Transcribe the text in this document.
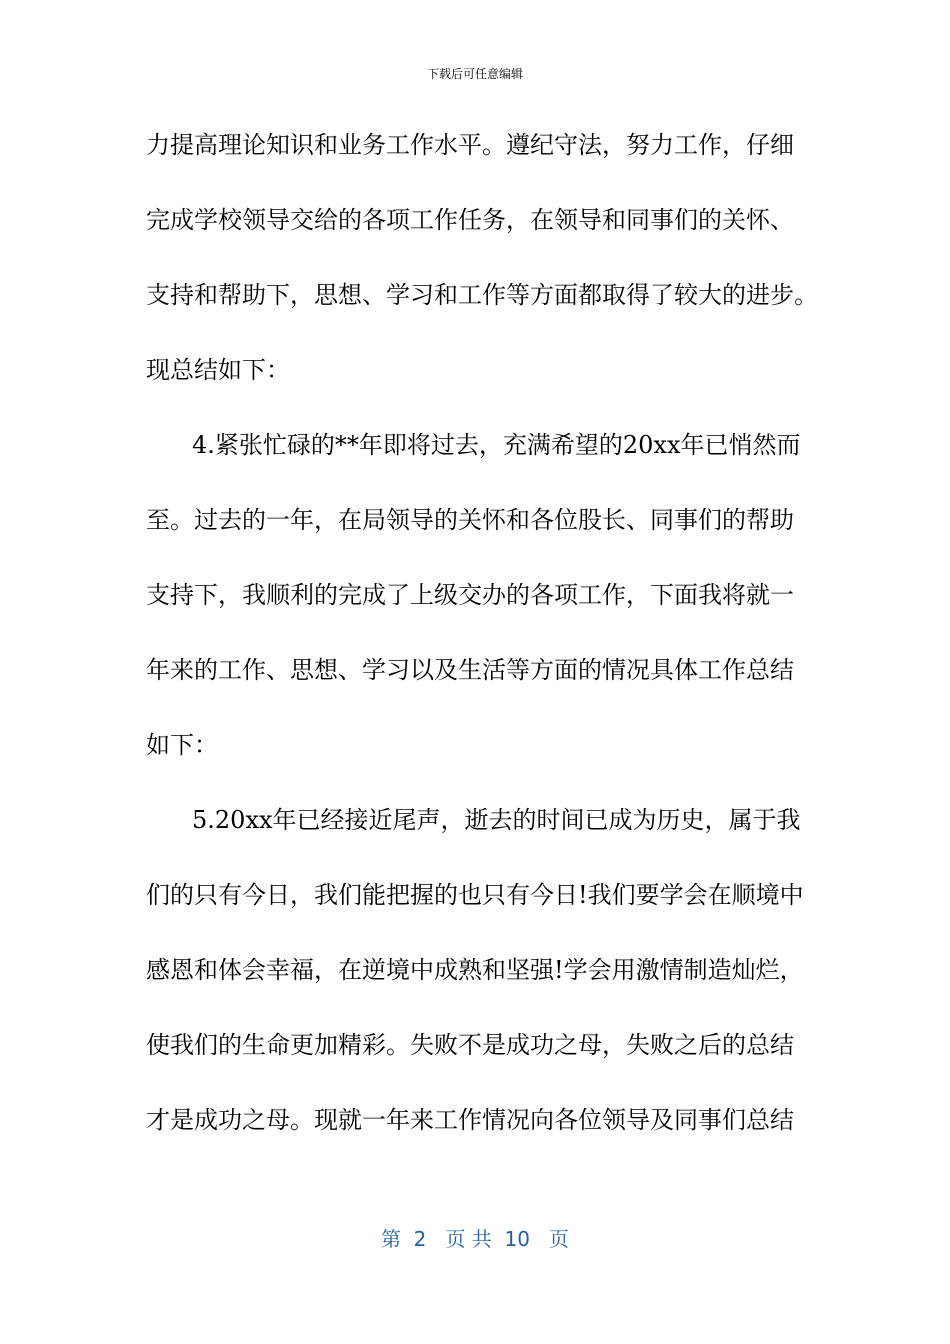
下载后可任意编辑
力提高理论知识和业务工作水平。遵纪守法，努力工作，仔细
完成学校领导交给的各项工作任务，在领导和同事们的关怀、
支持和帮助下，思想、学习和工作等方面都取得了较大的进步。
现总结如下：
4.紧张忙碌的**年即将过去，充满希望的20xx年已悄然而
至。过去的一年，在局领导的关怀和各位股长、同事们的帮助
支持下，我顺利的完成了上级交办的各项工作，下面我将就一
年来的工作、思想、学习以及生活等方面的情况具体工作总结
如下：
5.20xx年已经接近尾声，逝去的时间已成为历史，属于我
们的只有今日，我们能把握的也只有今日!我们要学会在顺境中
感恩和体会幸福，在逆境中成熟和坚强!学会用激情制造灿烂，
使我们的生命更加精彩。失败不是成功之母，失败之后的总结
才是成功之母。现就一年来工作情况向各位领导及同事们总结
第  2   页 共  10   页
